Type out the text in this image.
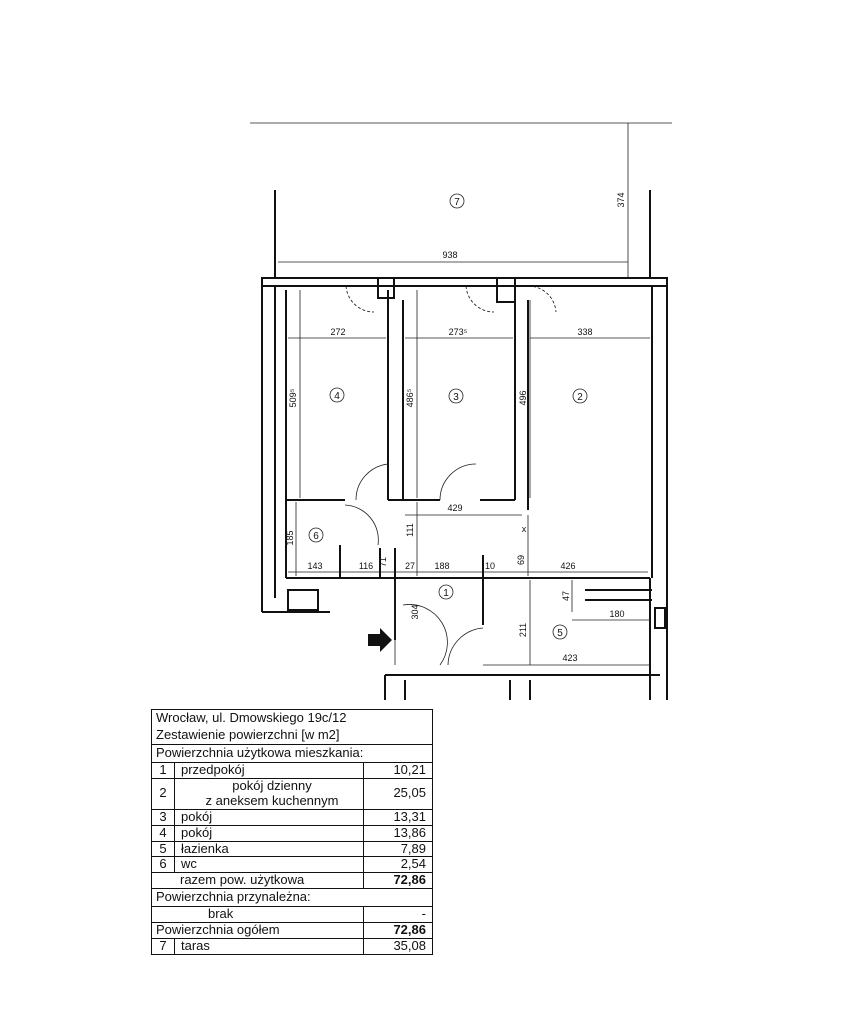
938
374
7
272	273⁵	338
509⁵	486⁵	496
429
185
111
69
x
143	116 71 27 188	10	426
47
180
304
211
423
4	3	2
6
1
5
Wrocław, ul. Dmowskiego 19c/12
Zestawienie powierzchni [w m2]
Powierzchnia użytkowa mieszkania:
1	przedpokój	10,21
2	pokój dzienny
z aneksem kuchennym	25,05
3	pokój	13,31
4	pokój	13,86
5	łazienka	7,89
6	wc	2,54
razem pow. użytkowa	72,86
Powierzchnia przynależna:
brak	-
Powierzchnia ogółem	72,86
7	taras	35,08
